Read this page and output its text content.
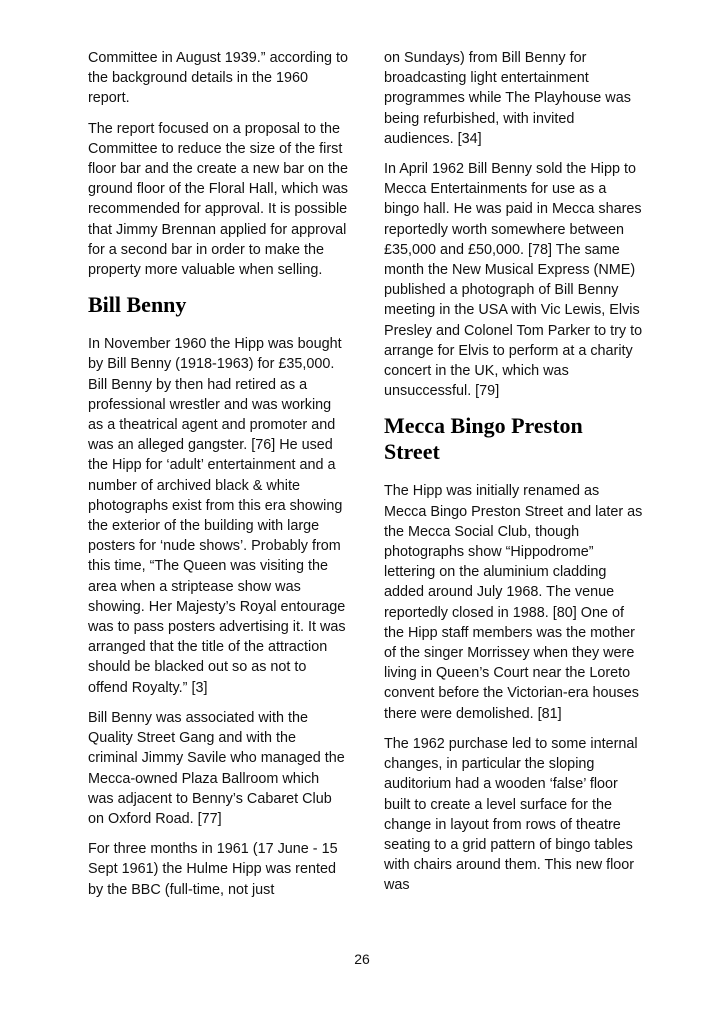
Committee in August 1939.” according to the background details in the 1960 report.

The report focused on a proposal to the Committee to reduce the size of the first floor bar and the create a new bar on the ground floor of the Floral Hall, which was recommended for approval. It is possible that Jimmy Brennan applied for approval for a second bar in order to make the property more valuable when selling.

Bill Benny

In November 1960 the Hipp was bought by Bill Benny (1918-1963) for £35,000. Bill Benny by then had retired as a professional wrestler and was working as a theatrical agent and promoter and was an alleged gangster. [76] He used the Hipp for ‘adult’ entertainment and a number of archived black & white photographs exist from this era showing the exterior of the building with large posters for ‘nude shows’. Probably from this time, “The Queen was visiting the area when a striptease show was showing. Her Majesty’s Royal entourage was to pass posters advertising it. It was arranged that the title of the attraction should be blacked out so as not to offend Royalty.” [3]

Bill Benny was associated with the Quality Street Gang and with the criminal Jimmy Savile who managed the Mecca-owned Plaza Ballroom which was adjacent to Benny’s Cabaret Club on Oxford Road. [77]

For three months in 1961 (17 June - 15 Sept 1961) the Hulme Hipp was rented by the BBC (full-time, not just

on Sundays) from Bill Benny for broadcasting light entertainment programmes while The Playhouse was being refurbished, with invited audiences. [34]

In April 1962 Bill Benny sold the Hipp to Mecca Entertainments for use as a bingo hall. He was paid in Mecca shares reportedly worth somewhere between £35,000 and £50,000. [78] The same month the New Musical Express (NME) published a photograph of Bill Benny meeting in the USA with Vic Lewis, Elvis Presley and Colonel Tom Parker to try to arrange for Elvis to perform at a charity concert in the UK, which was unsuccessful. [79]

Mecca Bingo Preston Street

The Hipp was initially renamed as Mecca Bingo Preston Street and later as the Mecca Social Club, though photographs show “Hippodrome” lettering on the aluminium cladding added around July 1968. The venue reportedly closed in 1988. [80] One of the Hipp staff members was the mother of the singer Morrissey when they were living in Queen’s Court near the Loreto convent before the Victorian-era houses there were demolished. [81]

The 1962 purchase led to some internal changes, in particular the sloping auditorium had a wooden ‘false’ floor built to create a level surface for the change in layout from rows of theatre seating to a grid pattern of bingo tables with chairs around them. This new floor was

26
